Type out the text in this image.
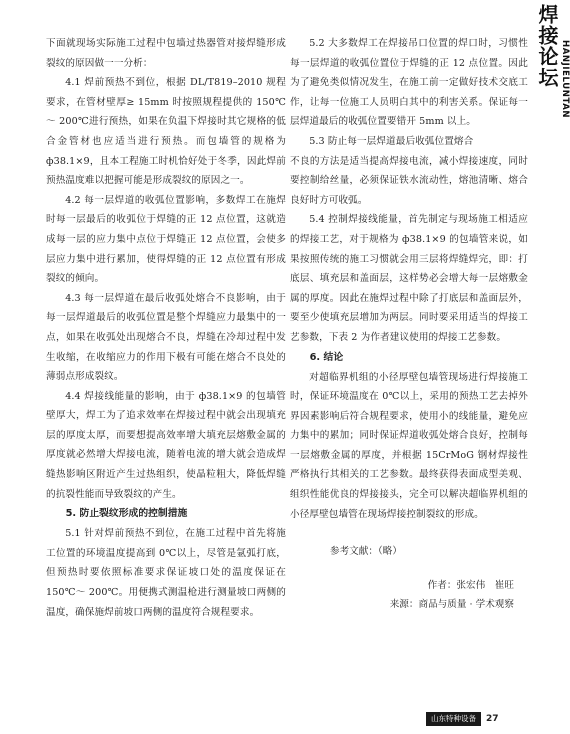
焊接论坛 HANJIELUNTAN

下面就现场实际施工过程中包墙过热器管对接焊缝形成裂纹的原因做一一分析：

4.1 焊前预热不到位，根据 DL/T819–2010 规程要求，在管材壁厚≥ 15mm 时按照规程提供的 150℃～ 200℃进行预热，如果在负温下焊接时其它规格的低合金管材也应适当进行预热。而包墙管的规格为 ф38.1×9，且本工程施工时机恰好处于冬季，因此焊前预热温度难以把握可能是形成裂纹的原因之一。

4.2 每一层焊道的收弧位置影响，多数焊工在施焊时每一层最后的收弧位于焊缝的正 12 点位置，这就造成每一层的应力集中点位于焊缝正 12 点位置，会使多层应力集中进行累加，使得焊缝的正 12 点位置有形成裂纹的倾向。

4.3 每一层焊道在最后收弧处熔合不良影响，由于每一层焊道最后的收弧位置是整个焊缝应力最集中的一点，如果在收弧处出现熔合不良，焊缝在冷却过程中发生收缩，在收缩应力的作用下极有可能在熔合不良处的薄弱点形成裂纹。

4.4 焊接线能量的影响，由于 ф38.1×9 的包墙管壁厚大，焊工为了追求效率在焊接过程中就会出现填充层的厚度太厚，而要想提高效率增大填充层熔敷金属的厚度就必然增大焊接电流，随着电流的增大就会造成焊缝热影响区附近产生过热组织，使晶粒粗大，降低焊缝的抗裂性能而导致裂纹的产生。

5. 防止裂纹形成的控制措施

5.1 针对焊前预热不到位，在施工过程中首先将施工位置的环境温度提高到 0℃以上，尽管是氩弧打底，但预热时要依照标准要求保证坡口处的温度保证在 150℃～ 200℃。用便携式测温枪进行测量坡口两侧的温度，确保施焊前坡口两侧的温度符合规程要求。

5.2 大多数焊工在焊接吊口位置的焊口时，习惯性每一层焊道的收弧位置位于焊缝的正 12 点位置。因此为了避免类似情况发生，在施工前一定做好技术交底工作，让每一位施工人员明白其中的利害关系。保证每一层焊道最后的收弧位置要错开 5mm 以上。

5.3 防止每一层焊道最后收弧位置熔合

不良的方法是适当提高焊接电流，减小焊接速度，同时要控制给丝量，必须保证铁水流动性，熔池清晰、熔合良好时方可收弧。

5.4 控制焊接线能量，首先制定与现场施工相适应的焊接工艺，对于规格为 ф38.1×9 的包墙管来说，如果按照传统的施工习惯就会用三层将焊缝焊完，即：打底层、填充层和盖面层，这样势必会增大每一层熔敷金属的厚度。因此在施焊过程中除了打底层和盖面层外，要至少使填充层增加为两层。同时要采用适当的焊接工艺参数，下表 2 为作者建议使用的焊接工艺参数。

6. 结论

对超临界机组的小径厚壁包墙管现场进行焊接施工时，保证环境温度在 0℃以上，采用的预热工艺去掉外界因素影响后符合规程要求，使用小的线能量，避免应力集中的累加；同时保证焊道收弧处熔合良好，控制每一层熔敷金属的厚度，并根据 15CrMoG 钢材焊接性严格执行其相关的工艺参数。最终获得表面成型美观、组织性能优良的焊接接头，完全可以解决超临界机组的小径厚壁包墙管在现场焊接控制裂纹的形成。

参考文献：（略）

作者：张宏伟　崔旺

来源：商品与质量 · 学术观察

山东特种设备	27
